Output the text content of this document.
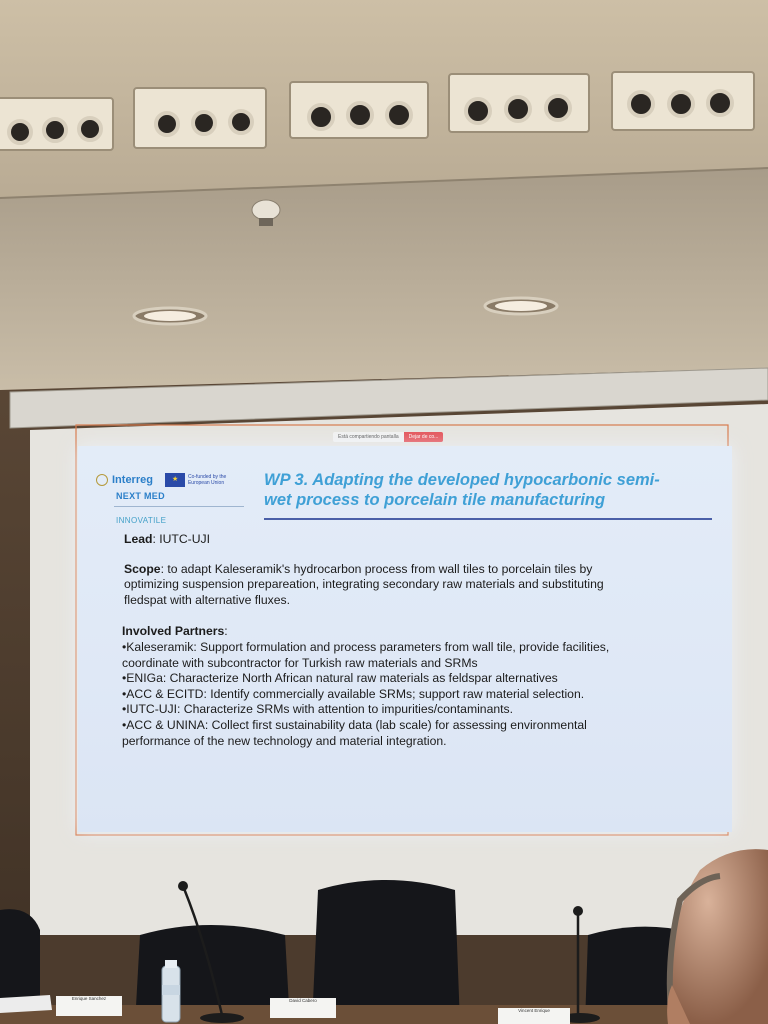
Está compartiendo pantalla	Dejar de co...
Interreg
★	Co-funded by the European Union
NEXT MED
INNOVATILE
WP 3. Adapting the developed hypocarbonic semi-
wet process to porcelain tile manufacturing

Lead: IUTC-UJI

Scope: to adapt Kaleseramik's hydrocarbon process from wall tiles to porcelain tiles by

optimizing suspension prepareation, integrating secondary raw materials and substituting

fledspat with alternative fluxes.

Involved Partners:

•Kaleseramik: Support formulation and process parameters from wall tile, provide facilities,

coordinate with subcontractor for Turkish raw materials and SRMs

•ENIGa: Characterize North African natural raw materials as feldspar alternatives

•ACC & ECITD: Identify commercially available SRMs; support raw material selection.

•IUTC-UJI: Characterize SRMs with attention to impurities/contaminants.

•ACC & UNINA: Collect first sustainability data (lab scale) for assessing environmental

performance of the new technology and material integration.

Enrique Sanchez	David Cabero
Vincent Enrique
